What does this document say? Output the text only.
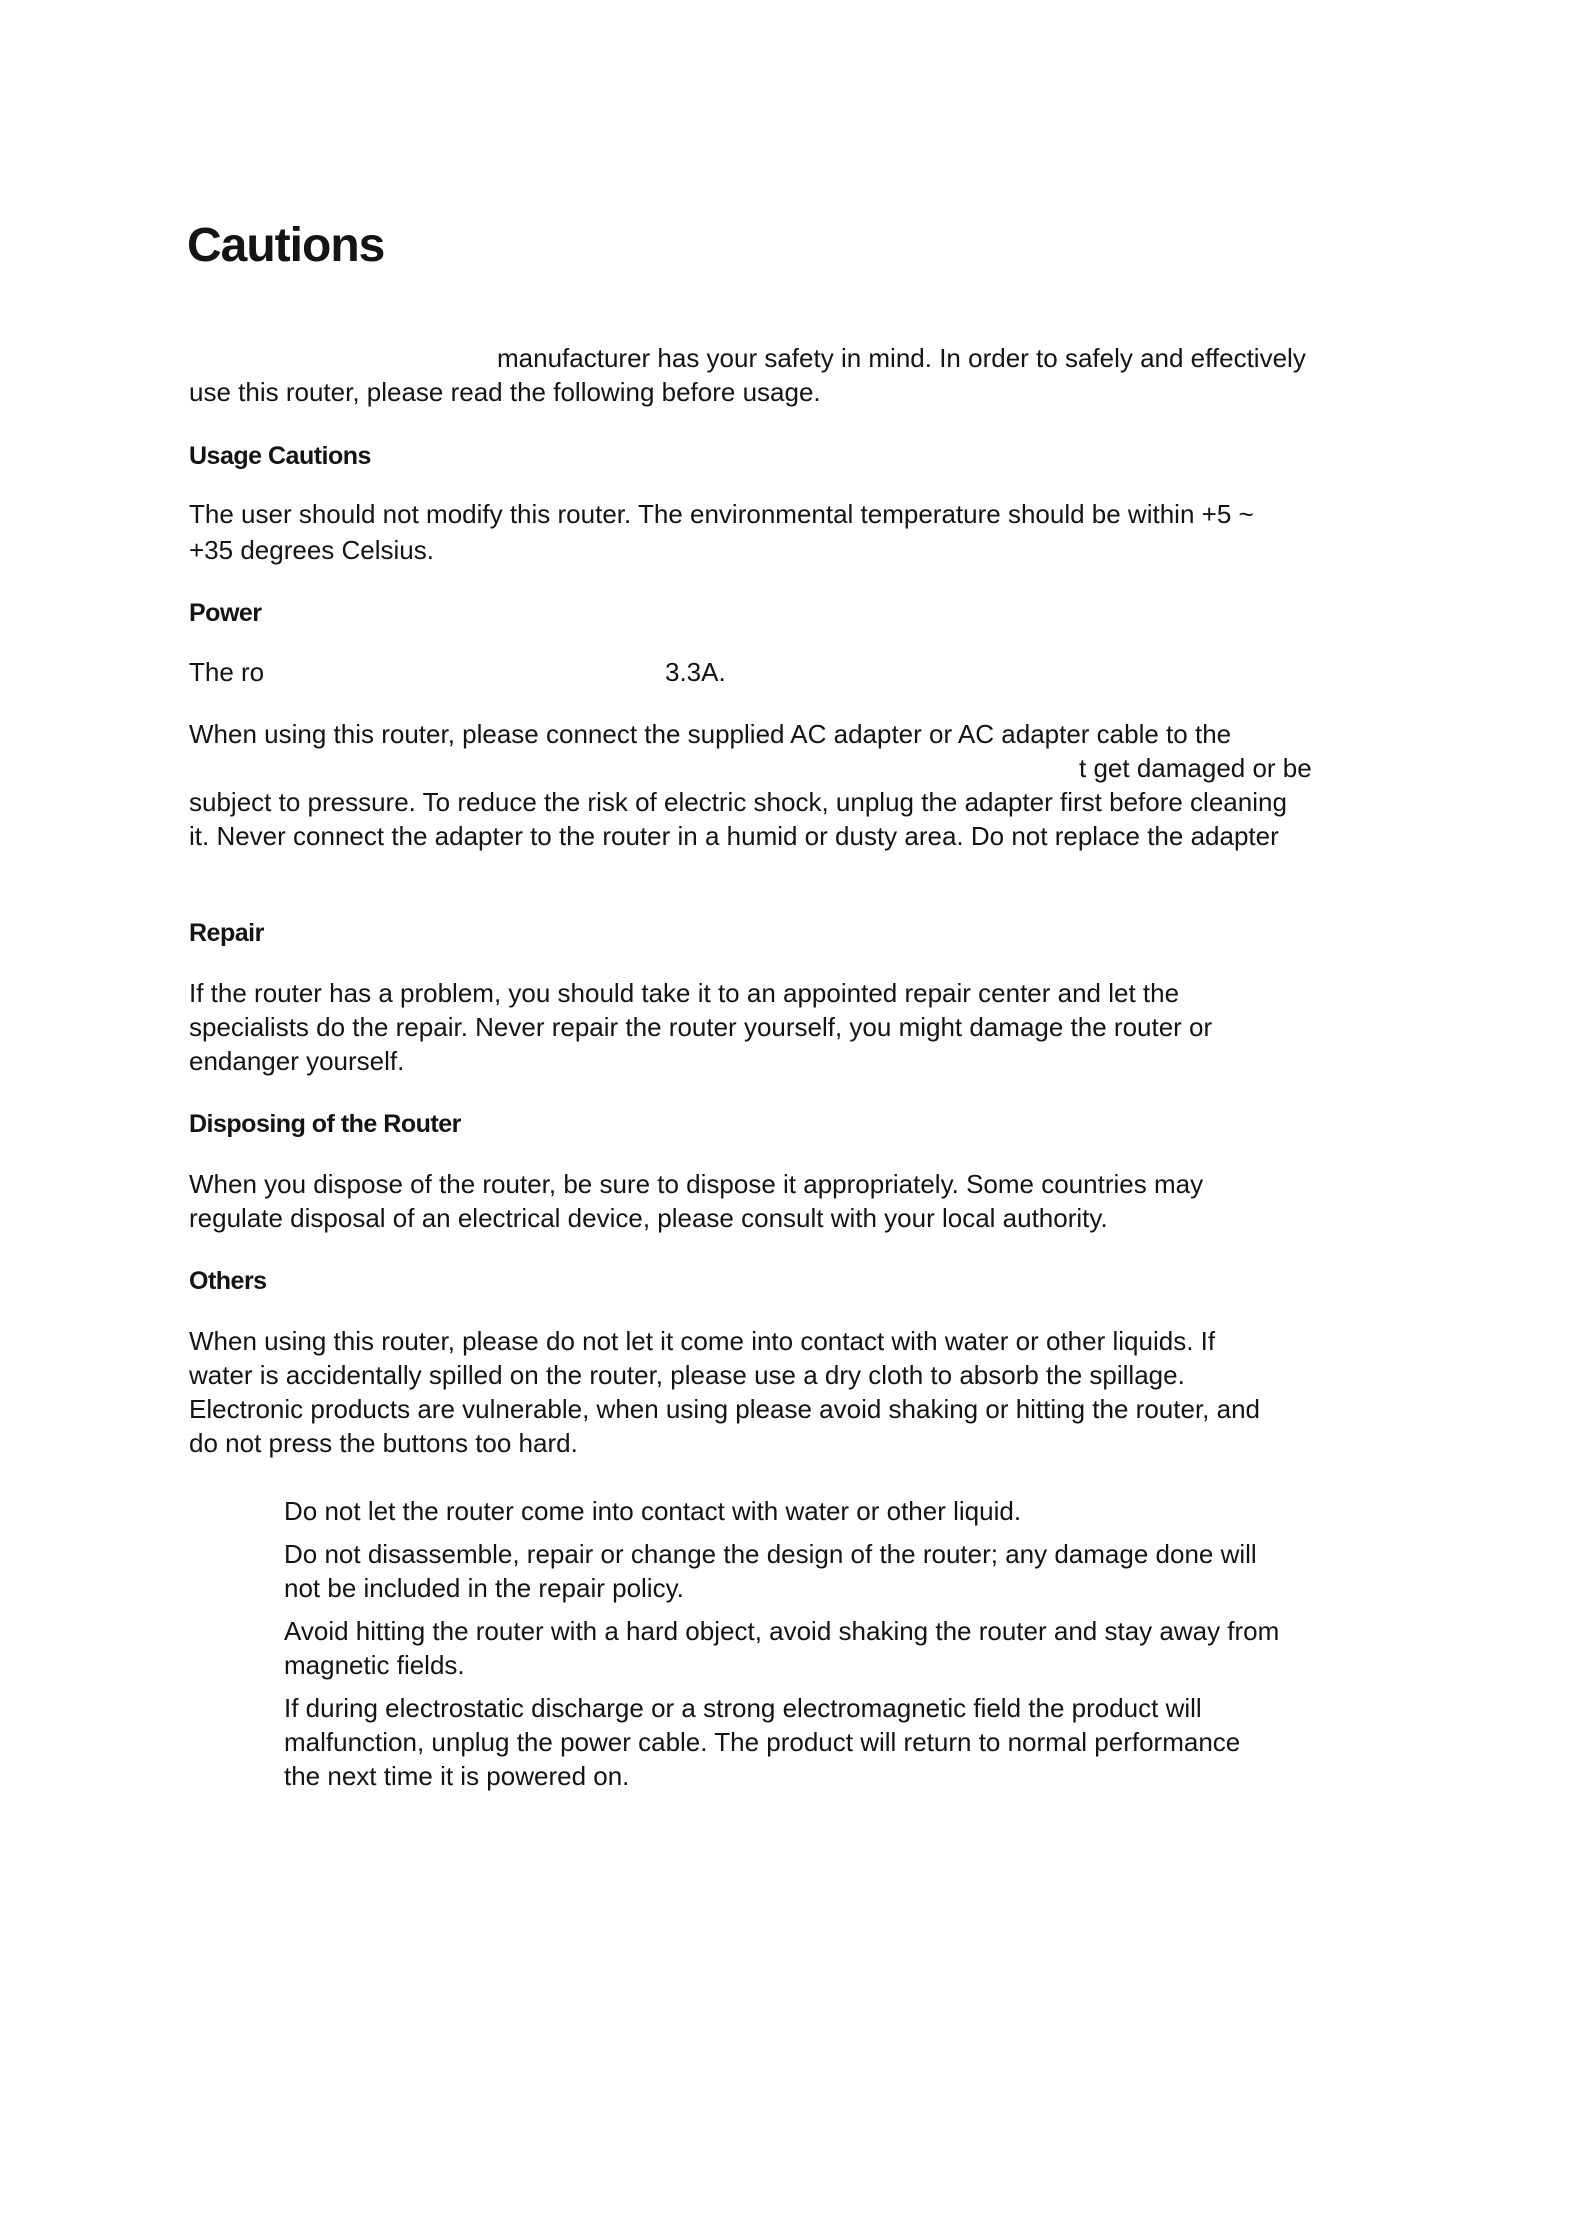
Cautions

manufacturer has your safety in mind. In order to safely and effectively

use this router, please read the following before usage.

Usage Cautions

The user should not modify this router. The environmental temperature should be within +5 ~

+35 degrees Celsius.

Power

The ro	3.3A.

When using this router, please connect the supplied AC adapter or AC adapter cable to the

t get damaged or be

subject to pressure. To reduce the risk of electric shock, unplug the adapter first before cleaning

it. Never connect the adapter to the router in a humid or dusty area. Do not replace the adapter

Repair

If the router has a problem, you should take it to an appointed repair center and let the

specialists do the repair. Never repair the router yourself, you might damage the router or

endanger yourself.

Disposing of the Router

When you dispose of the router, be sure to dispose it appropriately. Some countries may

regulate disposal of an electrical device, please consult with your local authority.

Others

When using this router, please do not let it come into contact with water or other liquids. If

water is accidentally spilled on the router, please use a dry cloth to absorb the spillage.

Electronic products are vulnerable, when using please avoid shaking or hitting the router, and

do not press the buttons too hard.

Do not let the router come into contact with water or other liquid.

Do not disassemble, repair or change the design of the router; any damage done will

not be included in the repair policy.

Avoid hitting the router with a hard object, avoid shaking the router and stay away from

magnetic fields.

If during electrostatic discharge or a strong electromagnetic field the product will

malfunction, unplug the power cable. The product will return to normal performance

the next time it is powered on.
